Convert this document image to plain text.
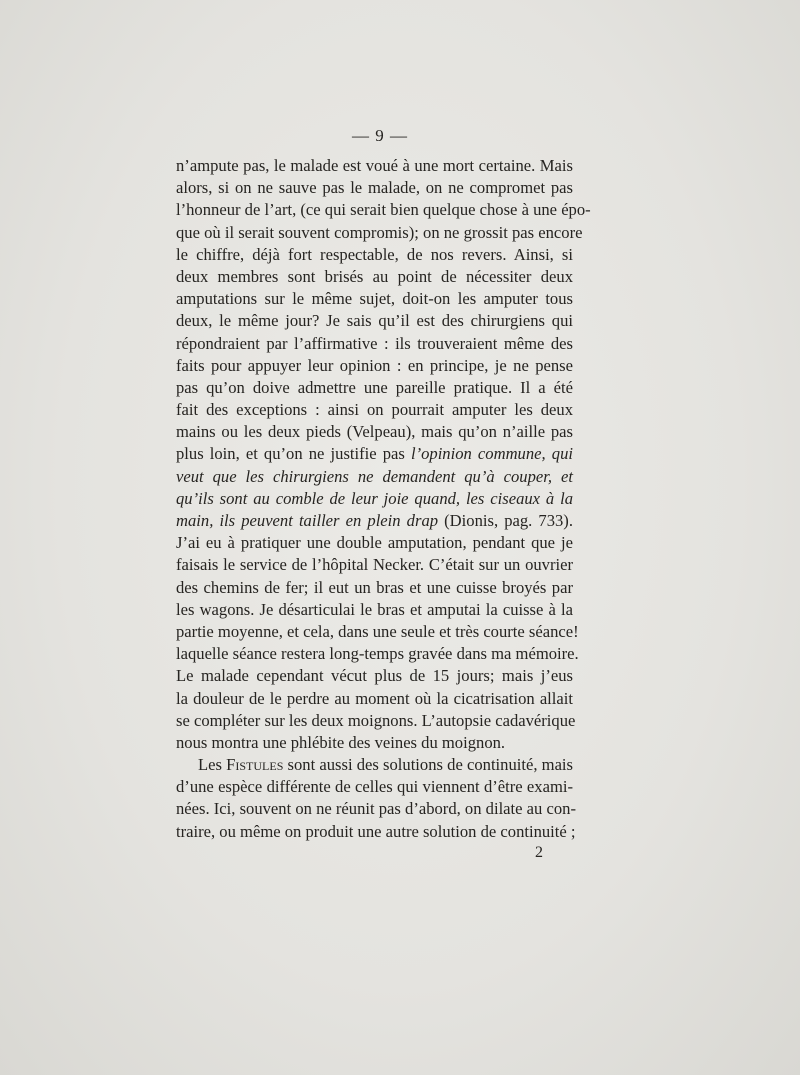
— 9 —
n’ampute pas, le malade est voué à une mort certaine. Mais
alors, si on ne sauve pas le malade, on ne compromet pas
l’honneur de l’art, (ce qui serait bien quelque chose à une épo-
que où il serait souvent compromis); on ne grossit pas encore
le chiffre, déjà fort respectable, de nos revers. Ainsi, si
deux membres sont brisés au point de nécessiter deux
amputations sur le même sujet, doit-on les amputer tous
deux, le même jour? Je sais qu’il est des chirurgiens qui
répondraient par l’affirmative : ils trouveraient même des
faits pour appuyer leur opinion : en principe, je ne pense
pas qu’on doive admettre une pareille pratique. Il a été
fait des exceptions : ainsi on pourrait amputer les deux
mains ou les deux pieds (Velpeau), mais qu’on n’aille pas
plus loin, et qu’on ne justifie pas l’opinion commune, qui
veut que les chirurgiens ne demandent qu’à couper, et
qu’ils sont au comble de leur joie quand, les ciseaux à la
main, ils peuvent tailler en plein drap (Dionis, pag. 733).
J’ai eu à pratiquer une double amputation, pendant que je
faisais le service de l’hôpital Necker. C’était sur un ouvrier
des chemins de fer; il eut un bras et une cuisse broyés par
les wagons. Je désarticulai le bras et amputai la cuisse à la
partie moyenne, et cela, dans une seule et très courte séance!
laquelle séance restera long-temps gravée dans ma mémoire.
Le malade cependant vécut plus de 15 jours; mais j’eus
la douleur de le perdre au moment où la cicatrisation allait
se compléter sur les deux moignons. L’autopsie cadavérique
nous montra une phlébite des veines du moignon.
Les Fistules sont aussi des solutions de continuité, mais
d’une espèce différente de celles qui viennent d’être exami-
nées. Ici, souvent on ne réunit pas d’abord, on dilate au con-
traire, ou même on produit une autre solution de continuité ;
2
